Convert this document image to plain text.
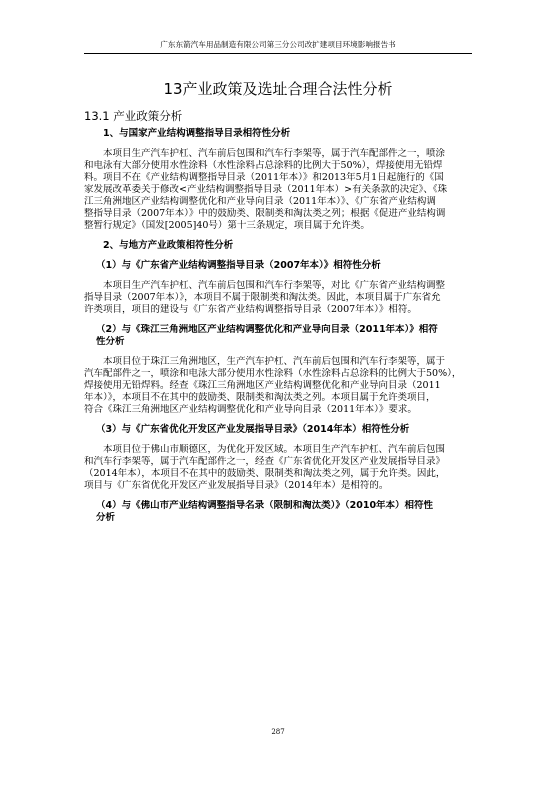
广东东箭汽车用品制造有限公司第三分公司改扩建项目环境影响报告书
13产业政策及选址合理合法性分析
13.1 产业政策分析
1、与国家产业结构调整指导目录相符性分析
本项目生产汽车护杠、汽车前后包围和汽车行李架等，属于汽车配部件之一，喷涂
和电泳有大部分使用水性涂料（水性涂料占总涂料的比例大于50%），焊接使用无铅焊
料。项目不在《产业结构调整指导目录（2011年本）》和2013年5月1日起施行的《国
家发展改革委关于修改<产业结构调整指导目录（2011年本）>有关条款的决定》、《珠
江三角洲地区产业结构调整优化和产业导向目录（2011年本）》、《广东省产业结构调
整指导目录（2007年本）》中的鼓励类、限制类和淘汰类之列；根据《促进产业结构调
整暂行规定》（国发[2005]40号）第十三条规定，项目属于允许类。
2、与地方产业政策相符性分析
（1）与《广东省产业结构调整指导目录（2007年本）》相符性分析
本项目生产汽车护杠、汽车前后包围和汽车行李架等，对比《广东省产业结构调整
指导目录（2007年本）》，本项目不属于限制类和淘汰类。因此，本项目属于广东省允
许类项目，项目的建设与《广东省产业结构调整指导目录（2007年本）》相符。
（2）与《珠江三角洲地区产业结构调整优化和产业导向目录（2011年本）》相符
性分析
本项目位于珠江三角洲地区，生产汽车护杠、汽车前后包围和汽车行李架等，属于
汽车配部件之一，喷涂和电泳大部分使用水性涂料（水性涂料占总涂料的比例大于50%），
焊接使用无铅焊料。经查《珠江三角洲地区产业结构调整优化和产业导向目录（2011
年本）》，本项目不在其中的鼓励类、限制类和淘汰类之列。本项目属于允许类项目，
符合《珠江三角洲地区产业结构调整优化和产业导向目录（2011年本）》要求。
（3）与《广东省优化开发区产业发展指导目录》（2014年本）相符性分析
本项目位于佛山市顺德区，为优化开发区域。本项目生产汽车护杠、汽车前后包围
和汽车行李架等，属于汽车配部件之一，经查《广东省优化开发区产业发展指导目录》
（2014年本），本项目不在其中的鼓励类、限制类和淘汰类之列，属于允许类。因此，
项目与《广东省优化开发区产业发展指导目录》（2014年本）是相符的。
（4）与《佛山市产业结构调整指导名录（限制和淘汰类）》（2010年本）相符性
分析
287
